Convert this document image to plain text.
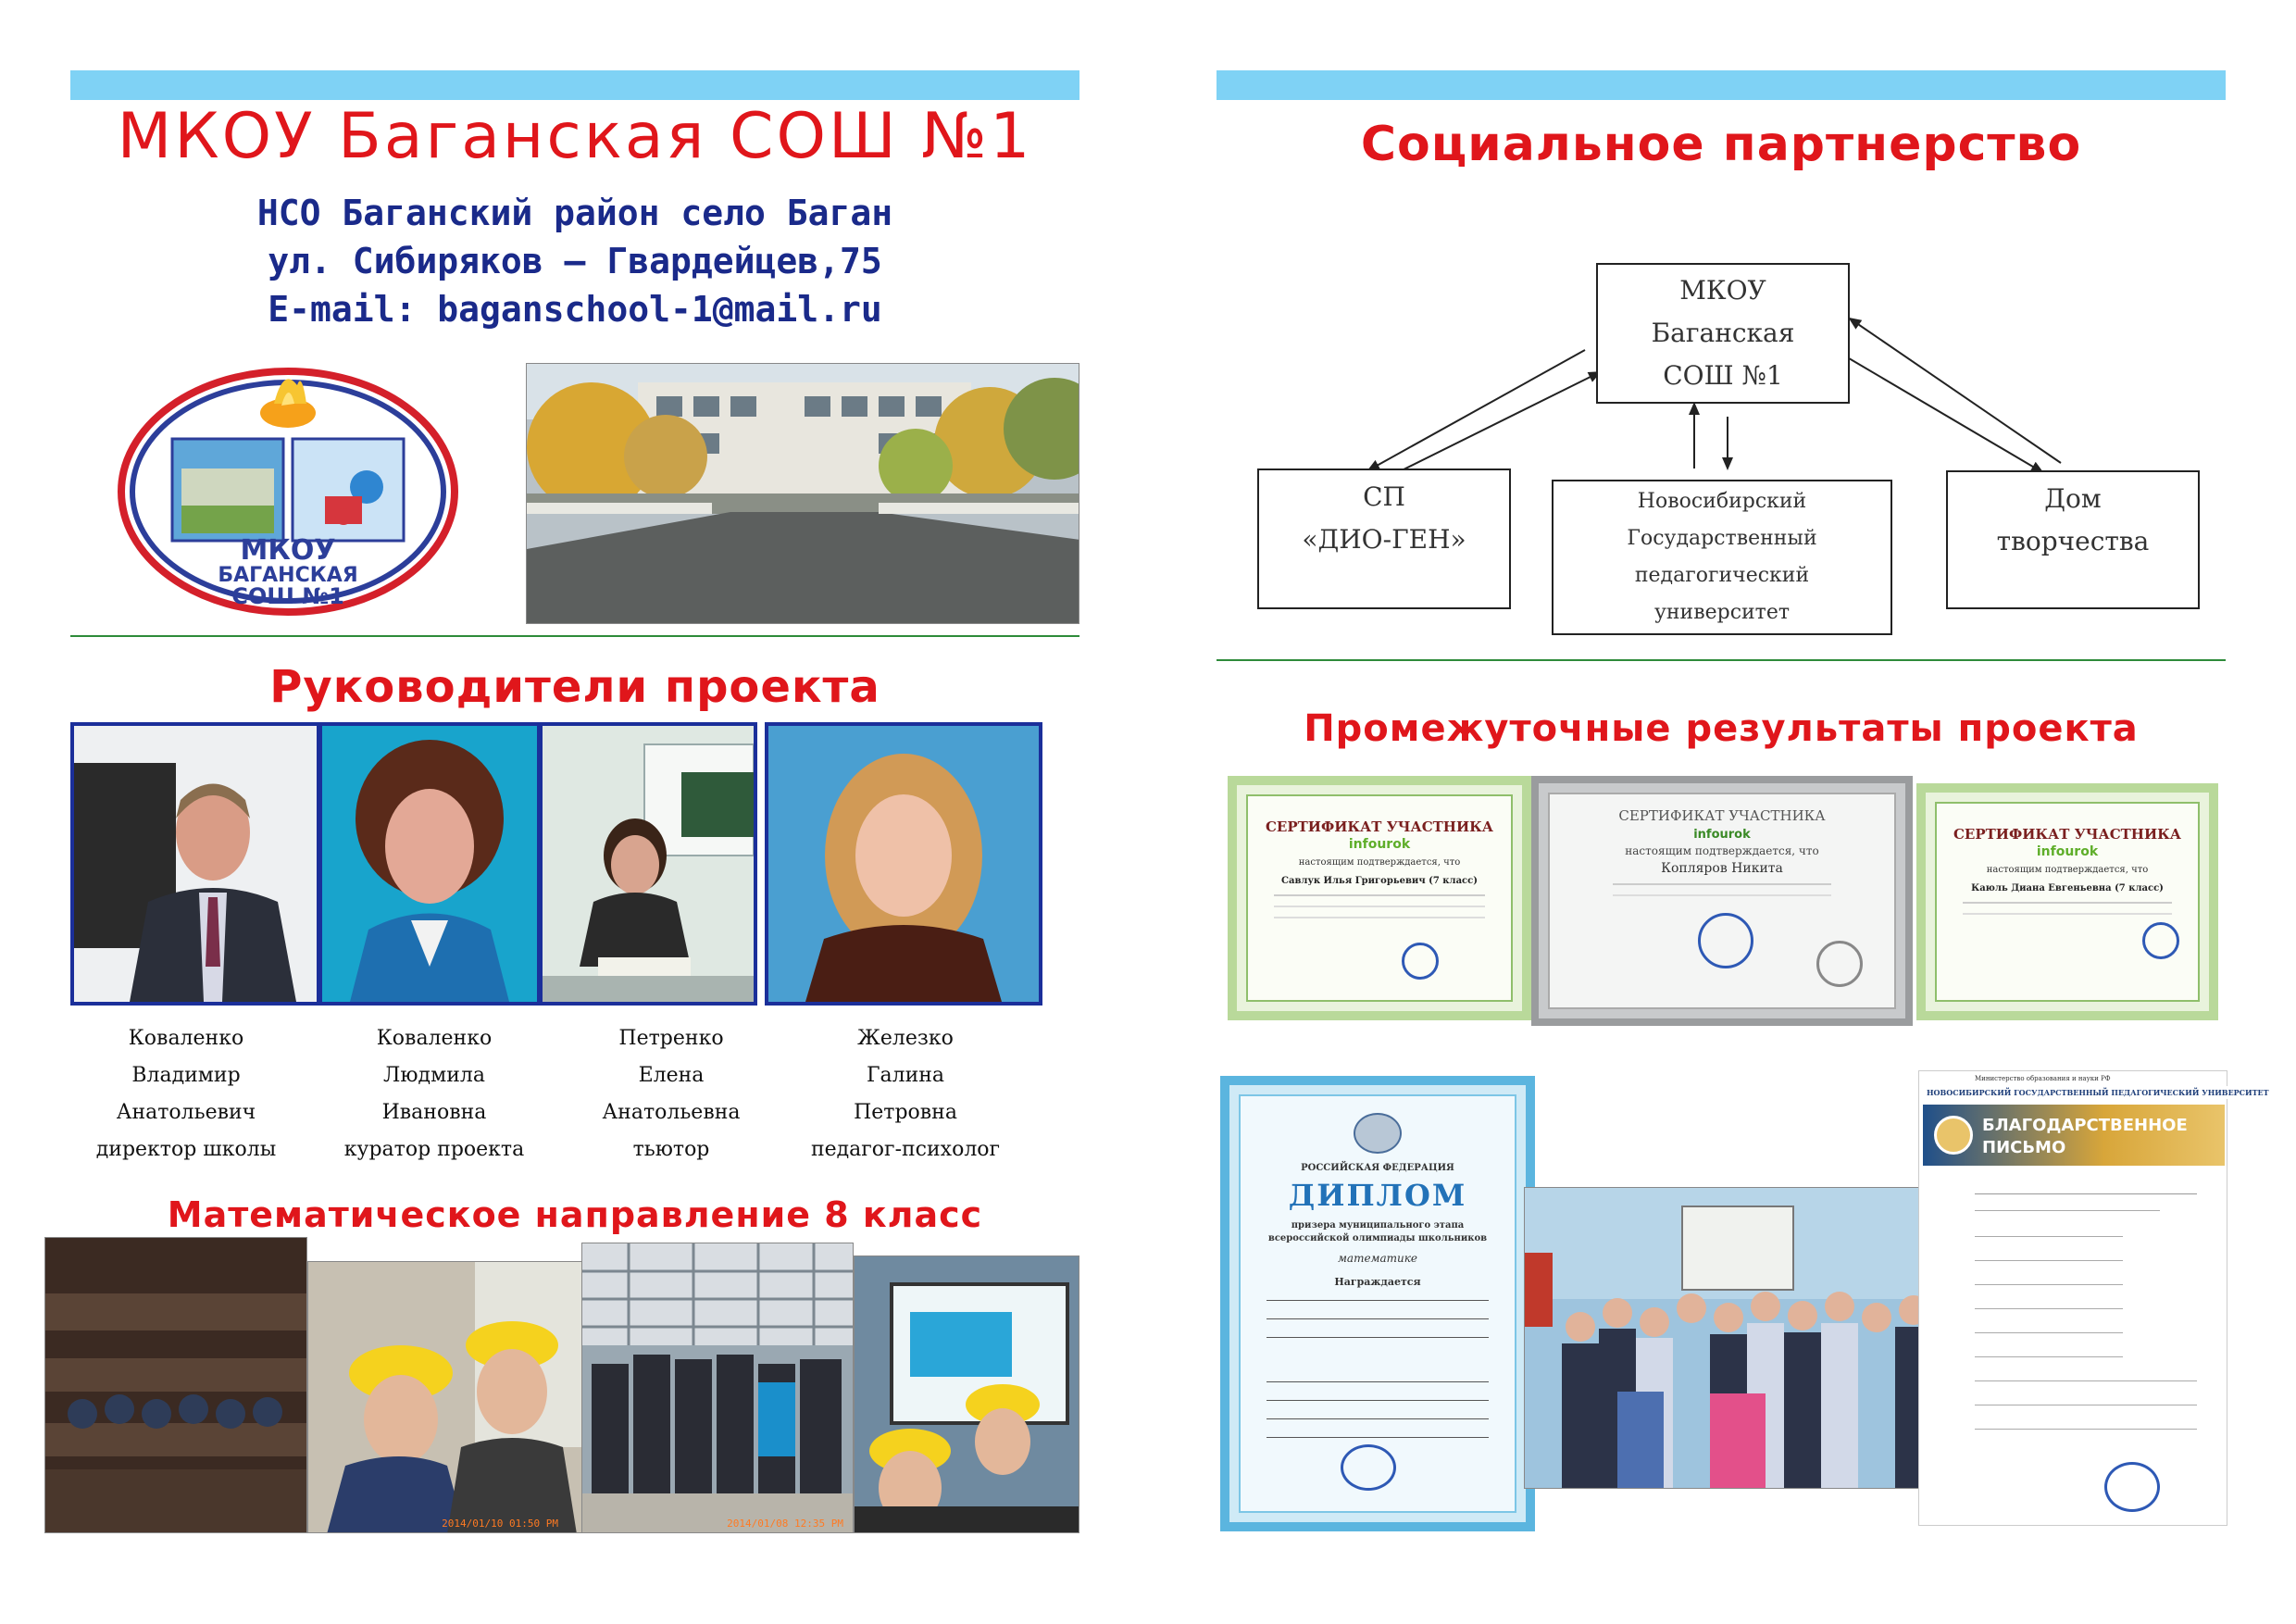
МКОУ Баганская СОШ №1
НСО Баганский район село Баган
ул. Сибиряков – Гвардейцев,75
E-mail: baganschool-1@mail.ru
МКОУ
БАГАНСКАЯ
СОШ №1
Руководители проекта
Коваленко
Владимир
Анатольевич
директор школы
Коваленко
Людмила
Ивановна
куратор проекта
Петренко
Елена
Анатольевна
тьютор
Железко
Галина
Петровна
педагог-психолог
Математическое направление 8 класс
2014/01/10 01:50 PM	2014/01/08 12:35 PM
Социальное партнерство
МКОУ
Баганская
СОШ №1
СП
«ДИО-ГЕН»
Новосибирский
Государственный
педагогический
университет
Дом
творчества
Промежуточные результаты проекта
СЕРТИФИКАТ УЧАСТНИКА
infourok
настоящим подтверждается, что
Савлук Илья Григорьевич (7 класс)
СЕРТИФИКАТ УЧАСТНИКА
infourok
настоящим подтверждается, что
Копляров Никита
СЕРТИФИКАТ УЧАСТНИКА
infourok
настоящим подтверждается, что
Каюль Диана Евгеньевна (7 класс)
РОССИЙСКАЯ ФЕДЕРАЦИЯ
ДИПЛОМ
призера муниципального этапа
всероссийской олимпиады школьников
математике
Награждается
Министерство образования и науки РФ
НОВОСИБИРСКИЙ ГОСУДАРСТВЕННЫЙ ПЕДАГОГИЧЕСКИЙ УНИВЕРСИТЕТ
БЛАГОДАРСТВЕННОЕ
ПИСЬМО
